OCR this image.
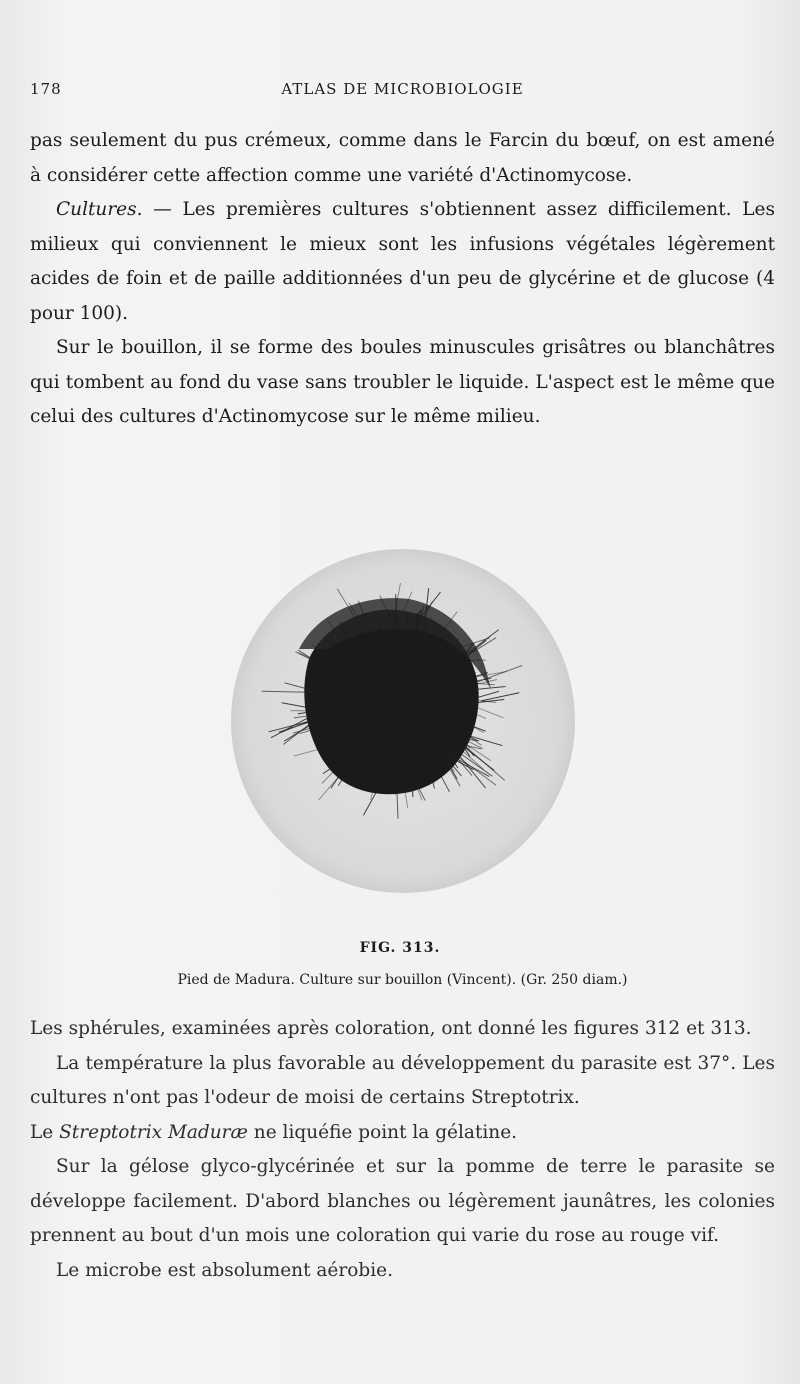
178	ATLAS DE MICROBIOLOGIE

pas seulement du pus crémeux, comme dans le Farcin du bœuf, on est amené à considérer cette affection comme une variété d'Actinomycose.

Cultures. — Les premières cultures s'obtiennent assez difficilement. Les milieux qui conviennent le mieux sont les infusions végétales légèrement acides de foin et de paille additionnées d'un peu de glycérine et de glucose (4 pour 100).

Sur le bouillon, il se forme des boules minuscules grisâtres ou blanchâtres qui tombent au fond du vase sans troubler le liquide. L'aspect est le même que celui des cultures d'Actinomycose sur le même milieu.

FIG. 313.
Pied de Madura. Culture sur bouillon (Vincent). (Gr. 250 diam.)

Les sphérules, examinées après coloration, ont donné les figures 312 et 313.

La température la plus favorable au développement du parasite est 37°. Les cultures n'ont pas l'odeur de moisi de certains Streptotrix.

Le Streptotrix Maduræ ne liquéfie point la gélatine.

Sur la gélose glyco-glycérinée et sur la pomme de terre le parasite se développe facilement. D'abord blanches ou légèrement jaunâtres, les colonies prennent au bout d'un mois une coloration qui varie du rose au rouge vif.

Le microbe est absolument aérobie.
